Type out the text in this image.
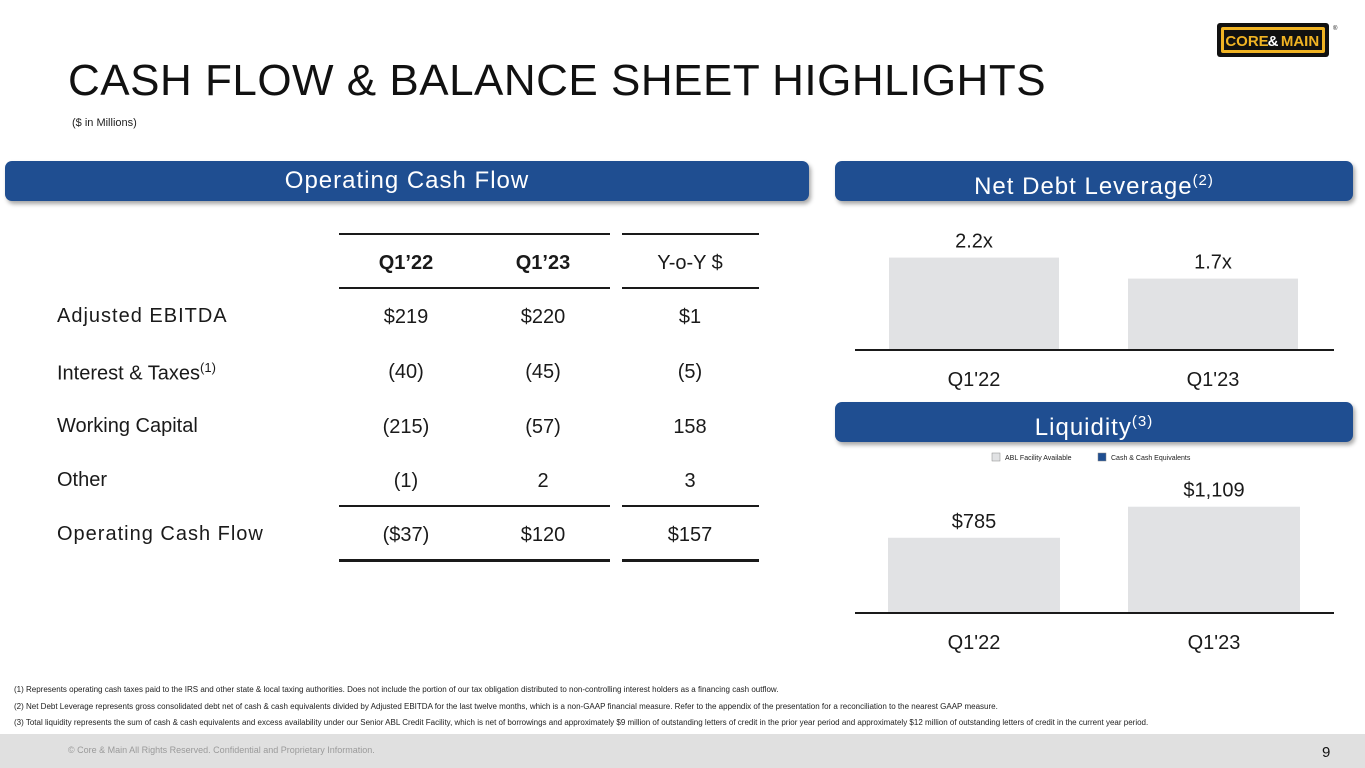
CASH FLOW & BALANCE SHEET HIGHLIGHTS
($ in Millions)
CORE
& MAIN
®
Operating Cash Flow	Net Debt Leverage$^{(2)}$
Liquidity$^{(3)}$
Q1’22	Q1’23	Y-o-Y $
Adjusted EBITDA	$219	$220	$1
Interest & Taxes$^{(1)}$	(40)	(45)	(5)
Working Capital	(215)	(57)	158
Other	(1)	2	3
Operating Cash Flow	($37)	$120	$157
2.2x
Q1'22
1.7x
Q1'23
ABL Facility Available	Cash & Cash Equivalents
$785
Q1'22
$1,109
Q1'23
(1) Represents operating cash taxes paid to the IRS and other state & local taxing authorities. Does not include the portion of our tax obligation distributed to non-controlling interest holders as a financing cash outflow.
(2) Net Debt Leverage represents gross consolidated debt net of cash & cash equivalents divided by Adjusted EBITDA for the last twelve months, which is a non-GAAP financial measure. Refer to the appendix of the presentation for a reconciliation to the nearest GAAP measure.
(3) Total liquidity represents the sum of cash & cash equivalents and excess availability under our Senior ABL Credit Facility, which is net of borrowings and approximately $9 million of outstanding letters of credit in the prior year period and approximately $12 million of outstanding letters of credit in the current year period.
© Core & Main All Rights Reserved. Confidential and Proprietary Information.	9
